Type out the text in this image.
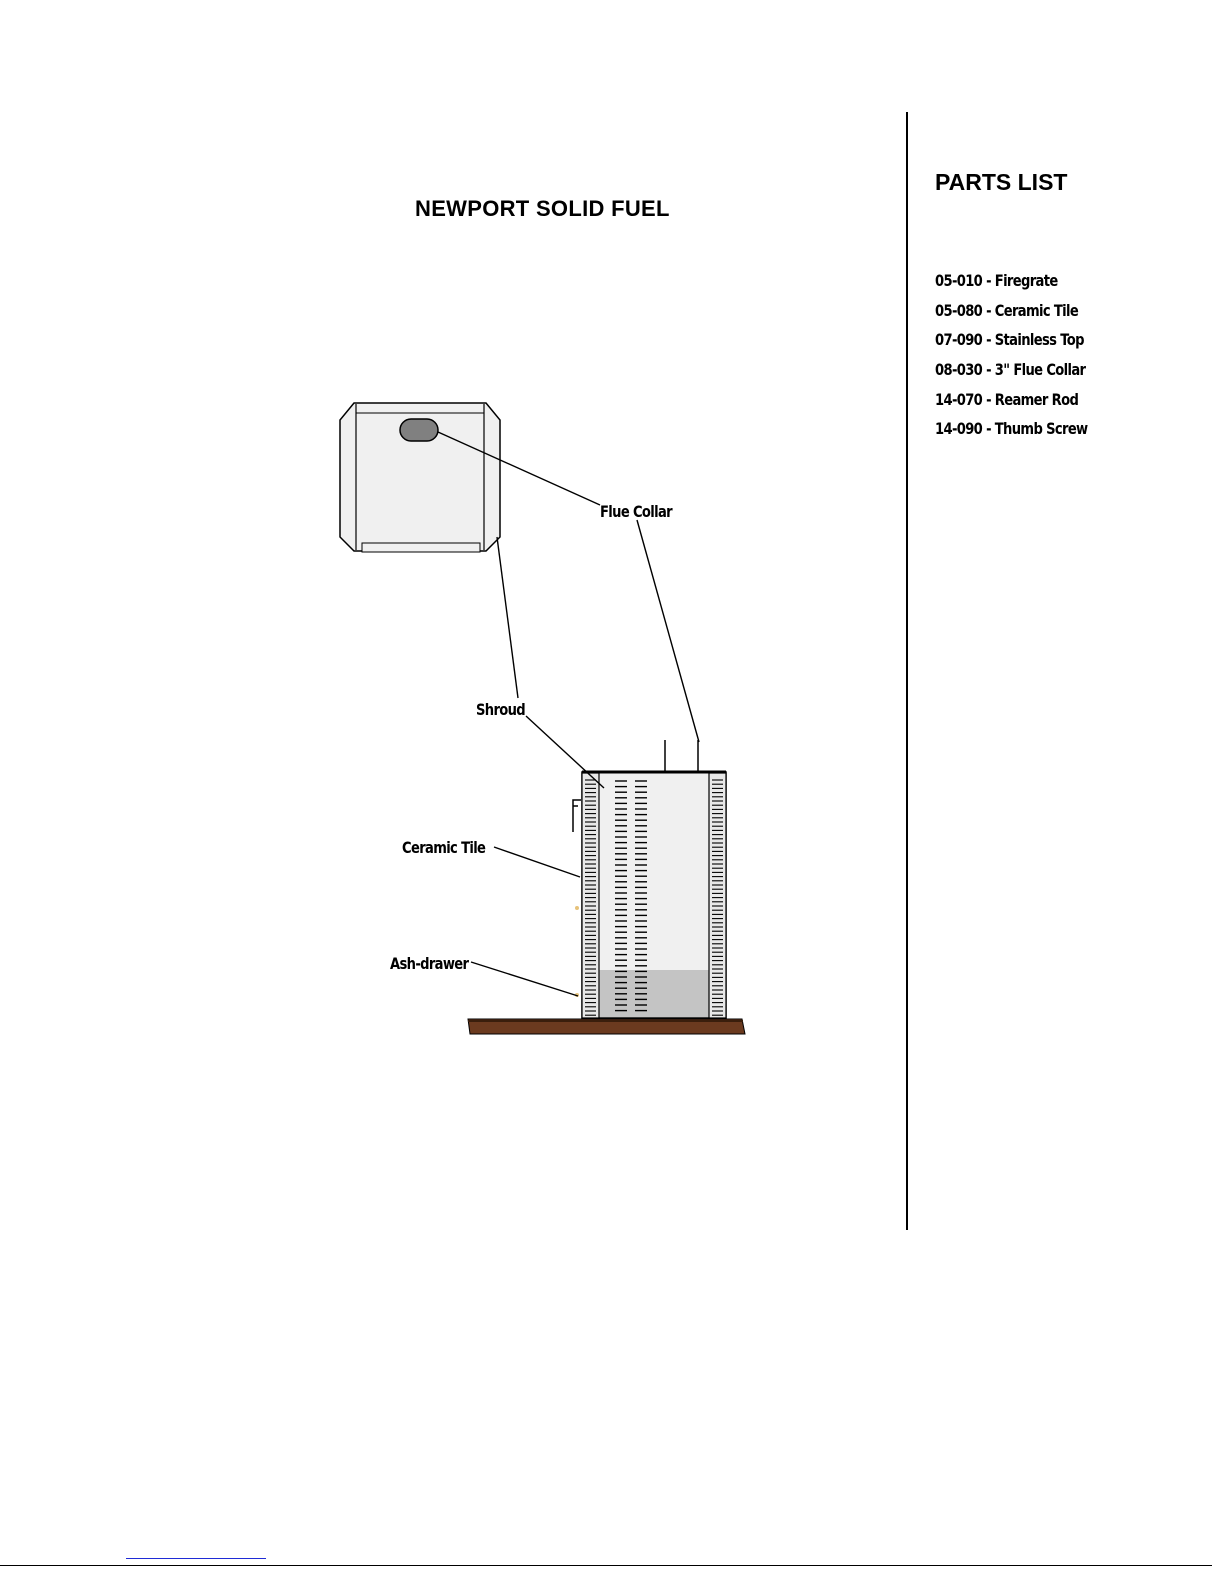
NEWPORT SOLID FUEL
PARTS LIST
05-010 - Firegrate
05-080 - Ceramic Tile
07-090 - Stainless Top
08-030 - 3" Flue Collar
14-070 - Reamer Rod
14-090 - Thumb Screw
Flue Collar
Shroud
Ceramic Tile
Ash-drawer
